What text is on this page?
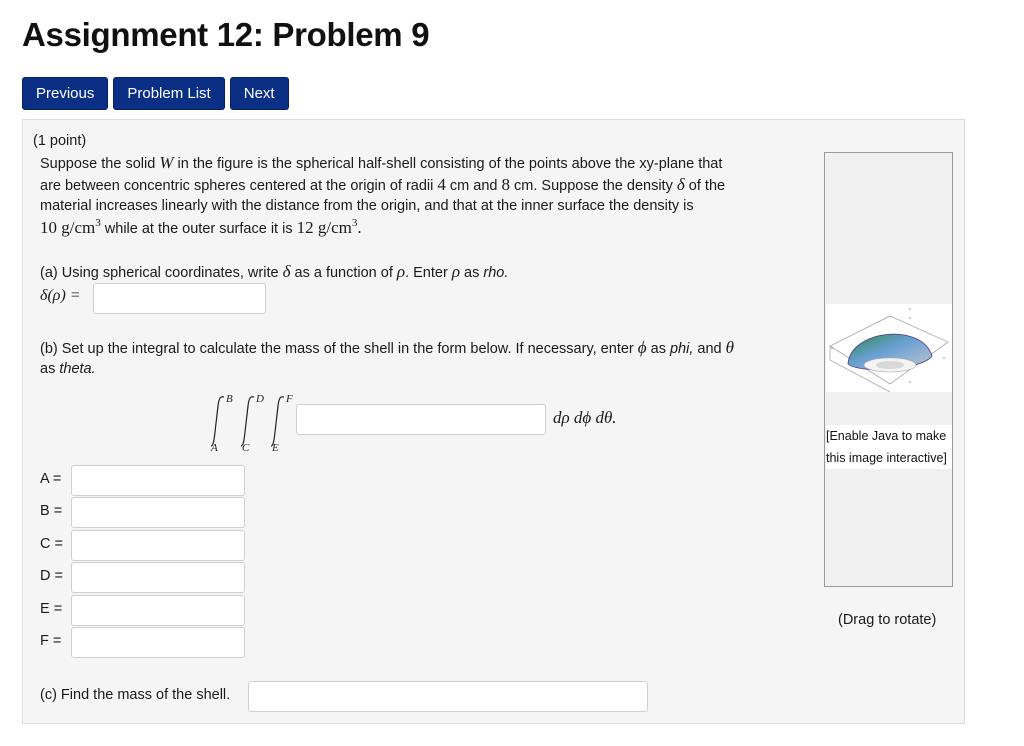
Assignment 12: Problem 9
Previous	Problem List	Next
(1 point)
Suppose the solid W in the figure is the spherical half-shell consisting of the points above the xy-plane that
are between concentric spheres centered at the origin of radii 4 cm and 8 cm. Suppose the density δ of the
material increases linearly with the distance from the origin, and that at the inner surface the density is
10 $g/cm^3$ while at the outer surface it is 12 $g/cm^3$.
(a) Using spherical coordinates, write δ as a function of ρ. Enter ρ as rho.
δ(ρ) =
(b) Set up the integral to calculate the mass of the shell in the form below. If necessary, enter ϕ as phi, and θ
as theta.
B
A
D
C
F
E
dρ dϕ dθ.
A =
B =
C =
D =
E =
F =
(c) Find the mass of the shell.
[Enable Java to make
this image interactive]
(Drag to rotate)
